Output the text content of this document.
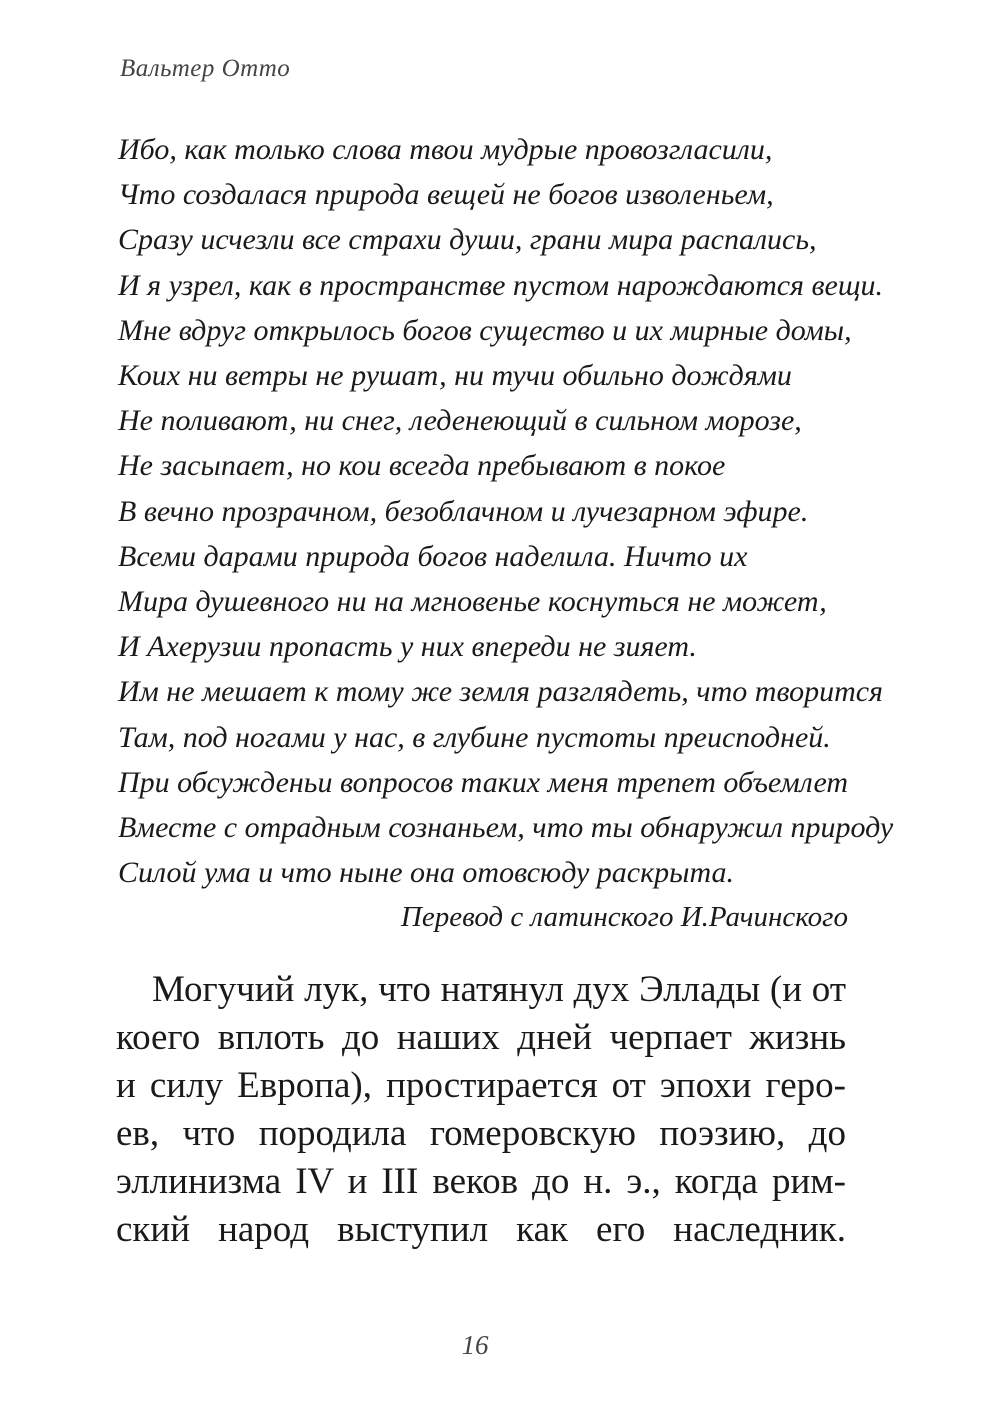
Вальтер Отто
Ибо, как только слова твои мудрые провозгласили,
Что создалася природа вещей не богов изволеньем,
Сразу исчезли все страхи души, грани мира распались,
И я узрел, как в пространстве пустом нарождаются вещи.
Мне вдруг открылось богов существо и их мирные домы,
Коих ни ветры не рушат, ни тучи обильно дождями
Не поливают, ни снег, леденеющий в сильном морозе,
Не засыпает, но кои всегда пребывают в покое
В вечно прозрачном, безоблачном и лучезарном эфире.
Всеми дарами природа богов наделила. Ничто их
Мира душевного ни на мгновенье коснуться не может,
И Ахерузии пропасть у них впереди не зияет.
Им не мешает к тому же земля разглядеть, что творится
Там, под ногами у нас, в глубине пустоты преисподней.
При обсужденьи вопросов таких меня трепет объемлет
Вместе с отрадным сознаньем, что ты обнаружил природу
Силой ума и что ныне она отовсюду раскрыта.
Перевод с латинского И.Рачинского
Могучий лук, что натянул дух Эллады (и от
коего вплоть до наших дней черпает жизнь
и силу Европа), простирается от эпохи геро-
ев, что породила гомеровскую поэзию, до
эллинизма IV и III веков до н. э., когда рим-
ский народ выступил как его наследник.
16
